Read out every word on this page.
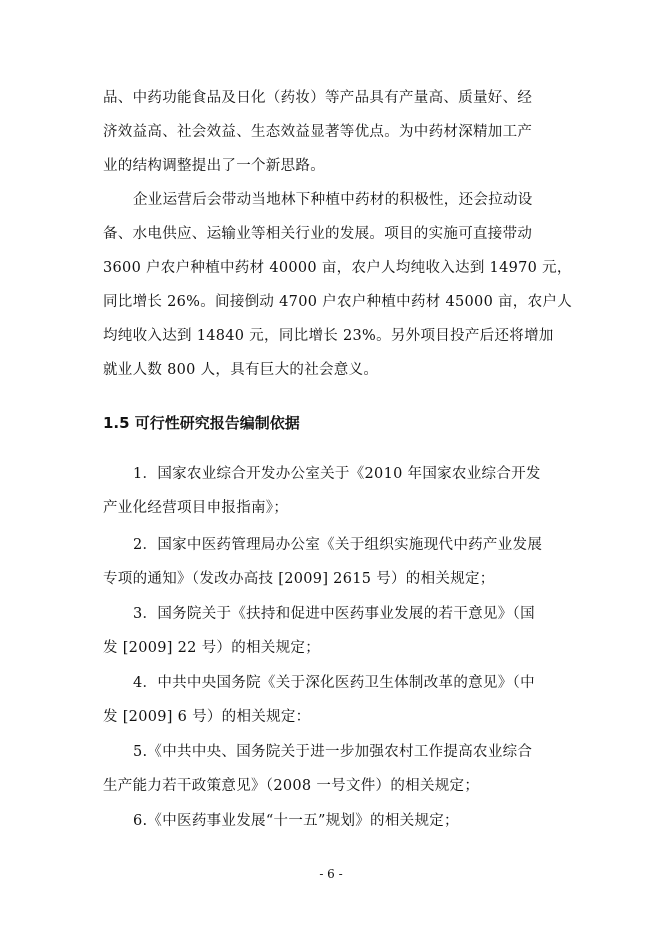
品、中药功能食品及日化（药妆）等产品具有产量高、质量好、经
济效益高、社会效益、生态效益显著等优点。为中药材深精加工产
业的结构调整提出了一个新思路。
企业运营后会带动当地林下种植中药材的积极性，还会拉动设
备、水电供应、运输业等相关行业的发展。项目的实施可直接带动
3600 户农户种植中药材 40000 亩，农户人均纯收入达到 14970 元，
同比增长 26%。间接倒动 4700 户农户种植中药材 45000 亩，农户人
均纯收入达到 14840 元，同比增长 23%。另外项目投产后还将增加
就业人数 800 人，具有巨大的社会意义。
1.5 可行性研究报告编制依据
1．国家农业综合开发办公室关于《2010 年国家农业综合开发
产业化经营项目申报指南》；
2．国家中医药管理局办公室《关于组织实施现代中药产业发展
专项的通知》（发改办高技 [2009] 2615 号）的相关规定；
3．国务院关于《扶持和促进中医药事业发展的若干意见》（国
发 [2009] 22 号）的相关规定；
4．中共中央国务院《关于深化医药卫生体制改革的意见》（中
发 [2009] 6 号）的相关规定：
5.《中共中央、国务院关于进一步加强农村工作提高农业综合
生产能力若干政策意见》（2008 一号文件）的相关规定；
6.《中医药事业发展“十一五”规划》的相关规定；
- 6 -
